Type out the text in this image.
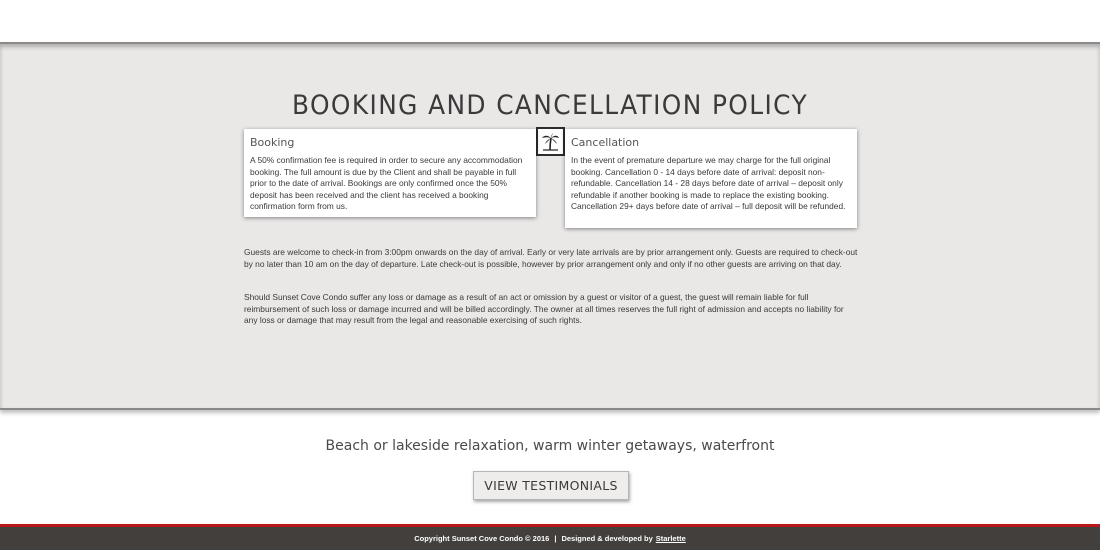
BOOKING AND CANCELLATION POLICY
Booking

A 50% confirmation fee is required in order to secure any accommodation booking. The full amount is due by the Client and shall be payable in full prior to the date of arrival. Bookings are only confirmed once the 50% deposit has been received and the client has received a booking confirmation form from us.

Cancellation

In the event of premature departure we may charge for the full original booking. Cancellation 0 - 14 days before date of arrival: deposit non-refundable. Cancellation 14 - 28 days before date of arrival – deposit only refundable if another booking is made to replace the existing booking. Cancellation 29+ days before date of arrival – full deposit will be refunded.

Guests are welcome to check-in from 3:00pm onwards on the day of arrival. Early or very late arrivals are by prior arrangement only. Guests are required to check-out by no later than 10 am on the day of departure. Late check-out is possible, however by prior arrangement only and only if no other guests are arriving on that day.

Should Sunset Cove Condo suffer any loss or damage as a result of an act or omission by a guest or visitor of a guest, the guest will remain liable for full reimbursement of such loss or damage incurred and will be billed accordingly. The owner at all times reserves the full right of admission and accepts no liability for any loss or damage that may result from the legal and reasonable exercising of such rights.

Beach or lakeside relaxation, warm winter getaways, waterfront

VIEW TESTIMONIALS
Copyright Sunset Cove Condo © 2016 | Designed & developed by Starlette
